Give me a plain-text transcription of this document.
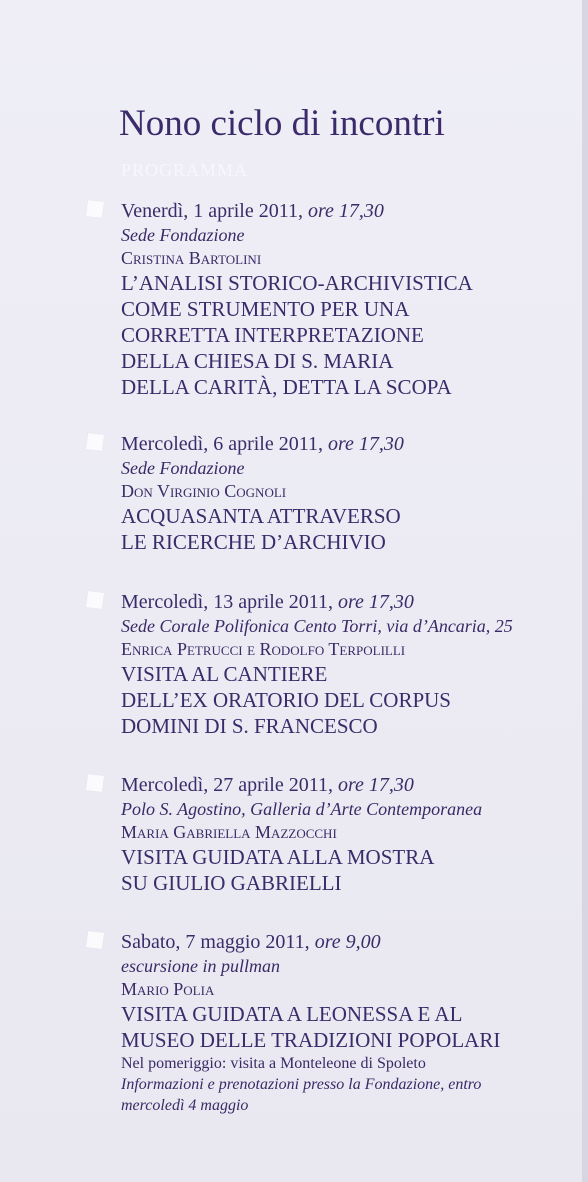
Nono ciclo di incontri
PROGRAMMA
Venerdì, 1 aprile 2011, ore 17,30
Sede Fondazione
Cristina Bartolini
L’ANALISI STORICO-ARCHIVISTICA
COME STRUMENTO PER UNA
CORRETTA INTERPRETAZIONE
DELLA CHIESA DI S. MARIA
DELLA CARITÀ, DETTA LA SCOPA
Mercoledì, 6 aprile 2011, ore 17,30
Sede Fondazione
Don Virginio Cognoli
ACQUASANTA ATTRAVERSO
LE RICERCHE D’ARCHIVIO
Mercoledì, 13 aprile 2011, ore 17,30
Sede Corale Polifonica Cento Torri, via d’Ancaria, 25
Enrica Petrucci e Rodolfo Terpolilli
VISITA AL CANTIERE
DELL’EX ORATORIO DEL CORPUS
DOMINI DI S. FRANCESCO
Mercoledì, 27 aprile 2011, ore 17,30
Polo S. Agostino, Galleria d’Arte Contemporanea
Maria Gabriella Mazzocchi
VISITA GUIDATA ALLA MOSTRA
SU GIULIO GABRIELLI
Sabato, 7 maggio 2011, ore 9,00
escursione in pullman
Mario Polia
VISITA GUIDATA A LEONESSA E AL
MUSEO DELLE TRADIZIONI POPOLARI
Nel pomeriggio: visita a Monteleone di Spoleto
Informazioni e prenotazioni presso la Fondazione, entro
mercoledì 4 maggio
